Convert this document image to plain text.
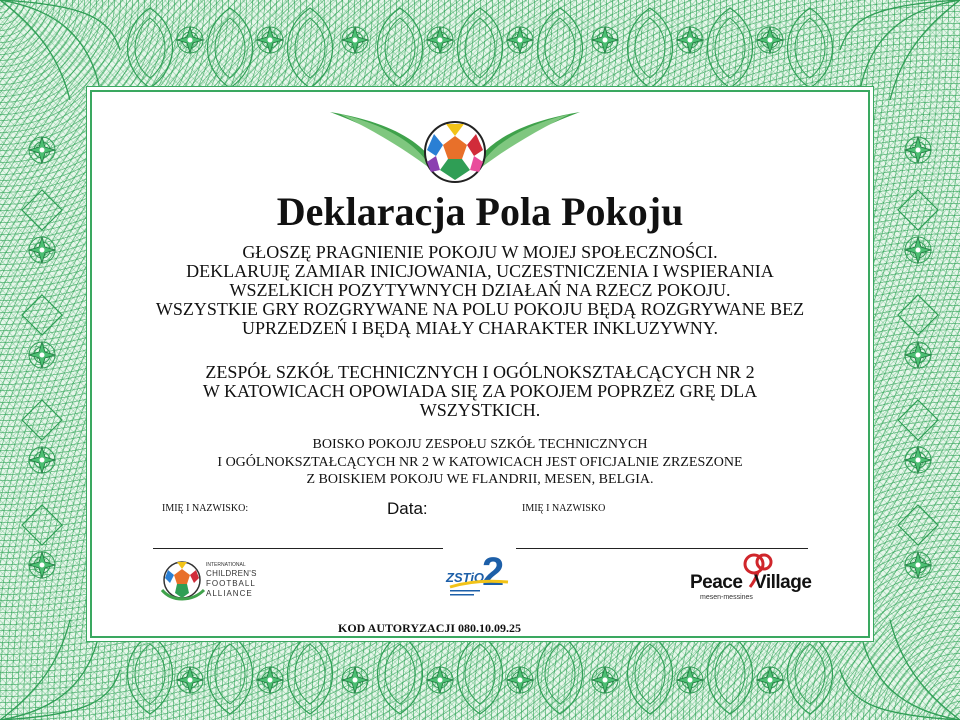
Deklaracja Pola Pokoju
GŁOSZĘ PRAGNIENIE POKOJU W MOJEJ SPOŁECZNOŚCI.
DEKLARUJĘ ZAMIAR INICJOWANIA, UCZESTNICZENIA I WSPIERANIA
WSZELKICH POZYTYWNYCH DZIAŁAŃ NA RZECZ POKOJU.
WSZYSTKIE GRY ROZGRYWANE NA POLU POKOJU BĘDĄ ROZGRYWANE BEZ
UPRZEDZEŃ I BĘDĄ MIAŁY CHARAKTER INKLUZYWNY.
ZESPÓŁ SZKÓŁ TECHNICZNYCH I OGÓLNOKSZTAŁCĄCYCH NR 2
W KATOWICACH OPOWIADA SIĘ ZA POKOJEM POPRZEZ GRĘ DLA
WSZYSTKICH.
BOISKO POKOJU ZESPOŁU SZKÓŁ TECHNICZNYCH
I OGÓLNOKSZTAŁCĄCYCH NR 2 W KATOWICACH JEST OFICJALNIE ZRZESZONE
Z BOISKIEM POKOJU WE FLANDRII, MESEN, BELGIA.
IMIĘ I NAZWISKO:	Data:	IMIĘ I NAZWISKO
INTERNATIONAL
CHILDREN'S
FOOTBALL
ALLIANCE
ZSTiO
2	Peace Village
mesen-messines
KOD AUTORYZACJI 080.10.09.25
